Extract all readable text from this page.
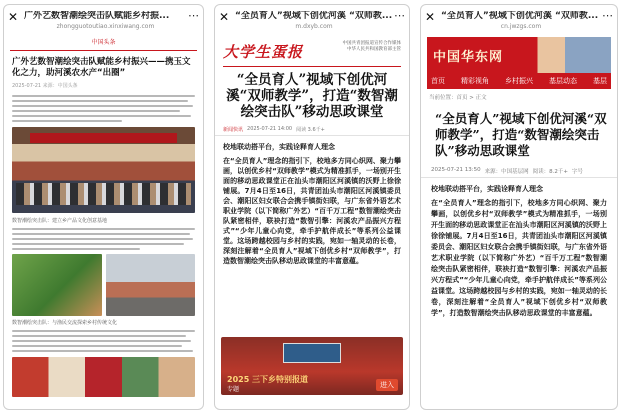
✕ 广外艺数智潮绘突击队赋能乡村振...
zhongguotoutiao.xinxiwang.com
⋯
中国头条
广外艺数智潮绘突击队赋能乡村振兴——携玉文化之力，助河溪农水产“出圈”
2025-07-21 来源：中国头条
数智潮绘突击队：建立乡产品文化创意基地
数智潮绘突击队：与渔民交流探索乡村传统文化
✕ “全员育人”视域下创优河溪 “双师教...
m.dxyb.com
⋯
大学生蛋报	中国共青团报道宣传合作媒体
中华人民共和国教育部主管
“全员育人”视域下创优河溪“双师教学”，打造“数智潮绘突击队”移动思政课堂
新闻快讯 2025-07-21 14:00 阅读 3.6千+
校地联动搭平台，实践诠释育人理念
在“全员育人”理念的指引下，校地多方同心织网、聚力攀画，以创优乡村“双师教学”模式为精准抓手，一场别开生面的移动思政课堂正在汕头市潮阳区河溪镇的沃野上徐徐铺展。7月4日至16日，共青团汕头市潮阳区河溪镇委员会、潮阳区妇女联合会携手镇街妇联，与广东省外语艺术职业学院（以下简称广外艺）“百千万工程”数智潮绘突击队紧密相伴，联袂打造“数智引擎：河溪农产品振兴方程式”“少年儿童心向党，牵手护航伴成长”等系列公益课堂。这场跨越校园与乡村的实践，宛如一轴灵动的长卷，深刻注解着“全员育人”视域下创优乡村“双师教学”，打造数智潮绘突击队移动思政课堂的丰富意蕴。
2025 三下乡特别报道
专题
进入
✕ “全员育人”视域下创优河溪 “双师教...
cn.jwzgs.com
⋯
中国华东网
首页 精彩视角 乡村振兴 基层动态 基层
当前位置：首页 > 正文
“全员育人”视域下创优河溪“双师教学”，打造“数智潮绘突击队”移动思政课堂
2025-07-21 13:50 来源：中国基层网 阅读：8.2千+ 字号
校地联动搭平台，实践诠释育人理念
在“全员育人”理念的指引下，校地多方同心织网、聚力攀画，以创优乡村“双师教学”模式为精准抓手，一场别开生面的移动思政课堂正在汕头市潮阳区河溪镇的沃野上徐徐铺展。7月4日至16日，共青团汕头市潮阳区河溪镇委员会、潮阳区妇女联合会携手镇街妇联，与广东省外语艺术职业学院（以下简称广外艺）“百千万工程”数智潮绘突击队紧密相伴，联袂打造“数智引擎：河溪农产品振兴方程式”“少年儿童心向党，牵手护航伴成长”等系列公益课堂。这场跨越校园与乡村的实践，宛如一轴灵动的长卷，深刻注解着“全员育人”视域下创优乡村“双师教学”，打造数智潮绘突击队移动思政课堂的丰富意蕴。
